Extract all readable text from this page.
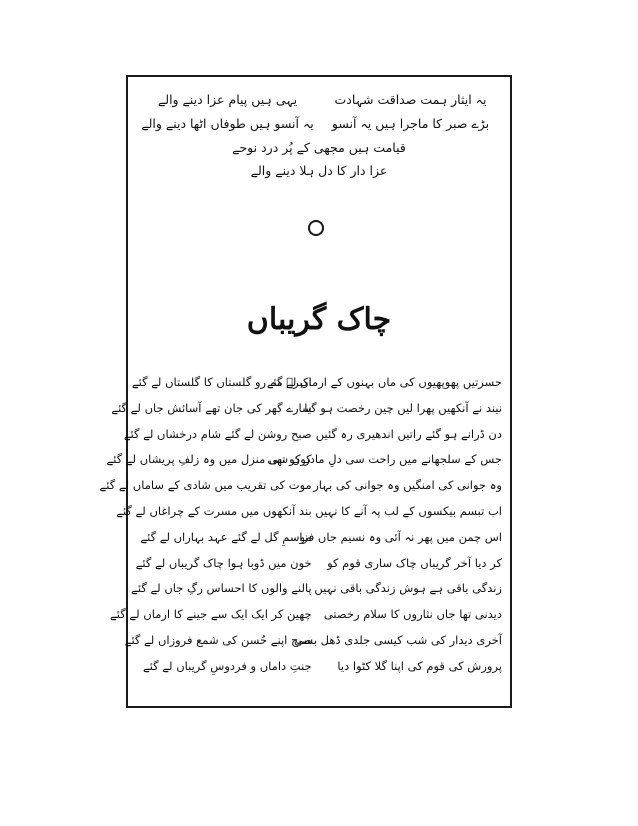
یہ ایثار ہمت صداقت شہادت
یہی ہیں پیام عزا دینے والے
بڑے صبر کا ماجرا ہیں یہ آنسو
یہ آنسو ہیں طوفاں اٹھا دینے والے
قیامت ہیں مجھی کے پُر درد نوحے
عزا دار کا دل ہلا دینے والے
چاک گریباں
حسرتیں پھوپھیوں کی ماں بہنوں کے ارماں لے گئے
اکبرؑ مہ رو گلستاں کا گلستاں لے گئے
نیند نے آنکھیں پھرا لیں چین رخصت ہو گیا
سارے گھر کی جان تھے آسائش جاں لے گئے
دن ڈرانے ہو گئے راتیں اندھیری رہ گئیں
صبح روشن لے گئے شام درخشاں لے گئے
جس کے سلجھانے میں راحت سی دلِ مادر کو تھی
کون سی منزل میں وہ زلفِ پریشاں لے گئے
وہ جوانی کی امنگیں وہ جوانی کی بہار
موت کی تقریب میں شادی کے ساماں لے گئے
اب تبسم بیکسوں کے لب پہ آنے کا نہیں
بند آنکھوں میں مسرت کے چراغاں لے گئے
اس چمن میں پھر نہ آئی وہ نسیم جاں فزا
موسمِ گل لے گئے عہد بہاراں لے گئے
کر دیا آخر گریباں چاک ساری قوم کو
خون میں ڈوبا ہوا چاک گریباں لے گئے
زندگی باقی ہے ہوش زندگی باقی نہیں
پالنے والوں کا احساس رگِ جاں لے گئے
دیدنی تھا جاں نثاروں کا سلام رخصتی
چھین کر ایک ایک سے جینے کا ارماں لے گئے
آخری دیدار کی شب کیسی جلدی ڈھل بسی
صبح اپنے حُسن کی شمع فروزاں لے گئے
پرورش کی قوم کی اپنا گلا کٹوا دیا
جنتِ داماں و فردوسِ گریباں لے گئے
